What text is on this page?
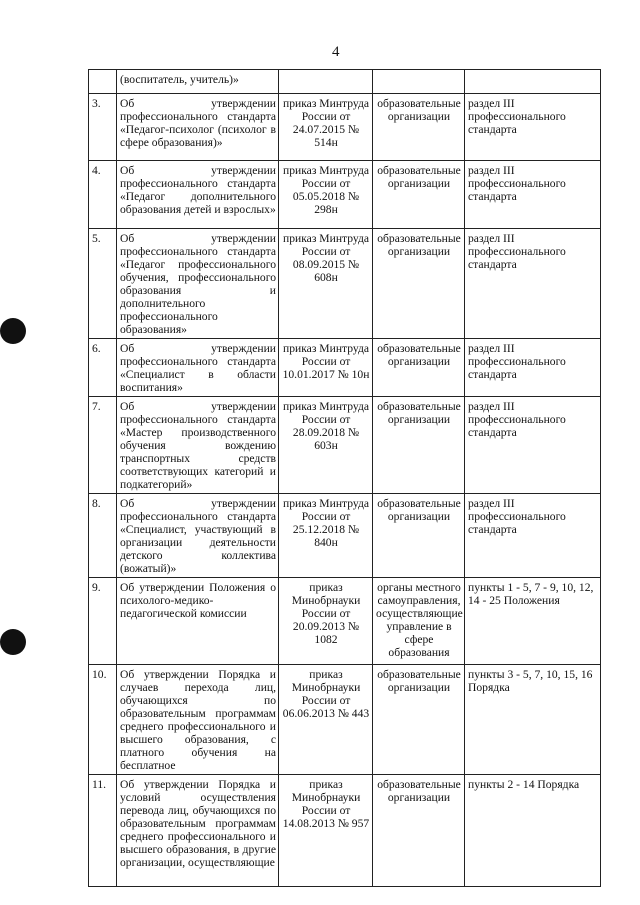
4
	(воспитатель, учитель)»			
3.	Об утверждении профессионального стандарта «Педагог-психолог (психолог в сфере образования)»	приказ Минтруда России от 24.07.2015 № 514н	образовательные организации	раздел III профессионального стандарта
4.	Об утверждении профессионального стандарта «Педагог дополнительного образования детей и взрослых»	приказ Минтруда России от 05.05.2018 № 298н	образовательные организации	раздел III профессионального стандарта
5.	Об утверждении профессионального стандарта «Педагог профессионального обучения, профессионального образования и дополнительного профессионального образования»	приказ Минтруда России от 08.09.2015 № 608н	образовательные организации	раздел III профессионального стандарта
6.	Об утверждении профессионального стандарта «Специалист в области воспитания»	приказ Минтруда России от 10.01.2017 № 10н	образовательные организации	раздел III профессионального стандарта
7.	Об утверждении профессионального стандарта «Мастер производственного обучения вождению транспортных средств соответствующих категорий и подкатегорий»	приказ Минтруда России от 28.09.2018 № 603н	образовательные организации	раздел III профессионального стандарта
8.	Об утверждении профессионального стандарта «Специалист, участвующий в организации деятельности детского коллектива (вожатый)»	приказ Минтруда России от 25.12.2018 № 840н	образовательные организации	раздел III профессионального стандарта
9.	Об утверждении Положения о психолого-медико-педагогической комиссии	приказ Минобрнауки России от 20.09.2013 № 1082	органы местного самоуправления, осуществляющие управление в сфере образования	пункты 1 - 5, 7 - 9, 10, 12, 14 - 25 Положения
10.	Об утверждении Порядка и случаев перехода лиц, обучающихся по образовательным программам среднего профессионального и высшего образования, с платного обучения на бесплатное	приказ Минобрнауки России от 06.06.2013 № 443	образовательные организации	пункты 3 - 5, 7, 10, 15, 16 Порядка
11.	Об утверждении Порядка и условий осуществления перевода лиц, обучающихся по образовательным программам среднего профессионального и высшего образования, в другие организации, осуществляющие	приказ Минобрнауки России от 14.08.2013 № 957	образовательные организации	пункты 2 - 14 Порядка
